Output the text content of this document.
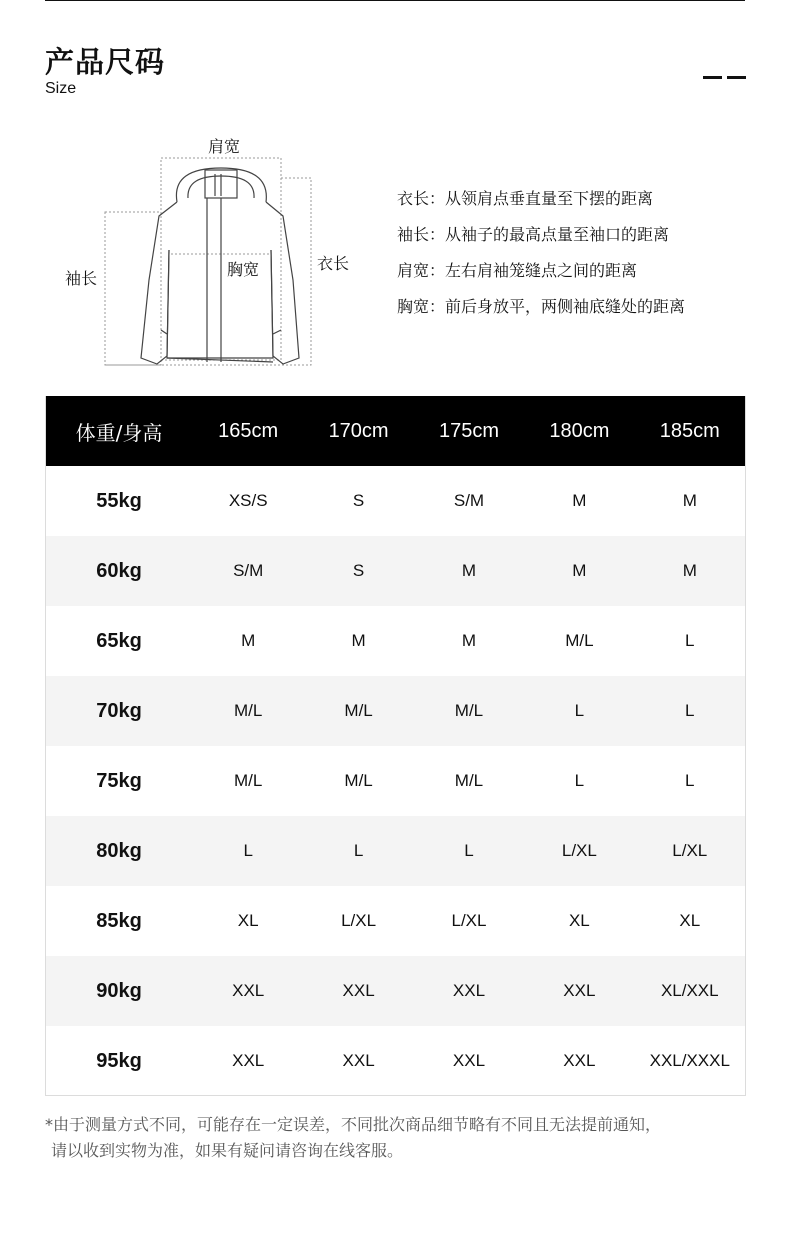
产品尺码
Size
肩宽
袖长	胸宽	衣长
衣长：从领肩点垂直量至下摆的距离
袖长：从袖子的最高点量至袖口的距离
肩宽：左右肩袖笼缝点之间的距离
胸宽：前后身放平，两侧袖底缝处的距离
体重/身高	165cm	170cm	175cm	180cm	185cm
55kg	XS/S	S	S/M	M	M
60kg	S/M	S	M	M	M
65kg	M	M	M	M/L	L
70kg	M/L	M/L	M/L	L	L
75kg	M/L	M/L	M/L	L	L
80kg	L	L	L	L/XL	L/XL
85kg	XL	L/XL	L/XL	XL	XL
90kg	XXL	XXL	XXL	XXL	XL/XXL
95kg	XXL	XXL	XXL	XXL	XXL/XXXL
*由于测量方式不同，可能存在一定误差，不同批次商品细节略有不同且无法提前通知，
请以收到实物为准，如果有疑问请咨询在线客服。
